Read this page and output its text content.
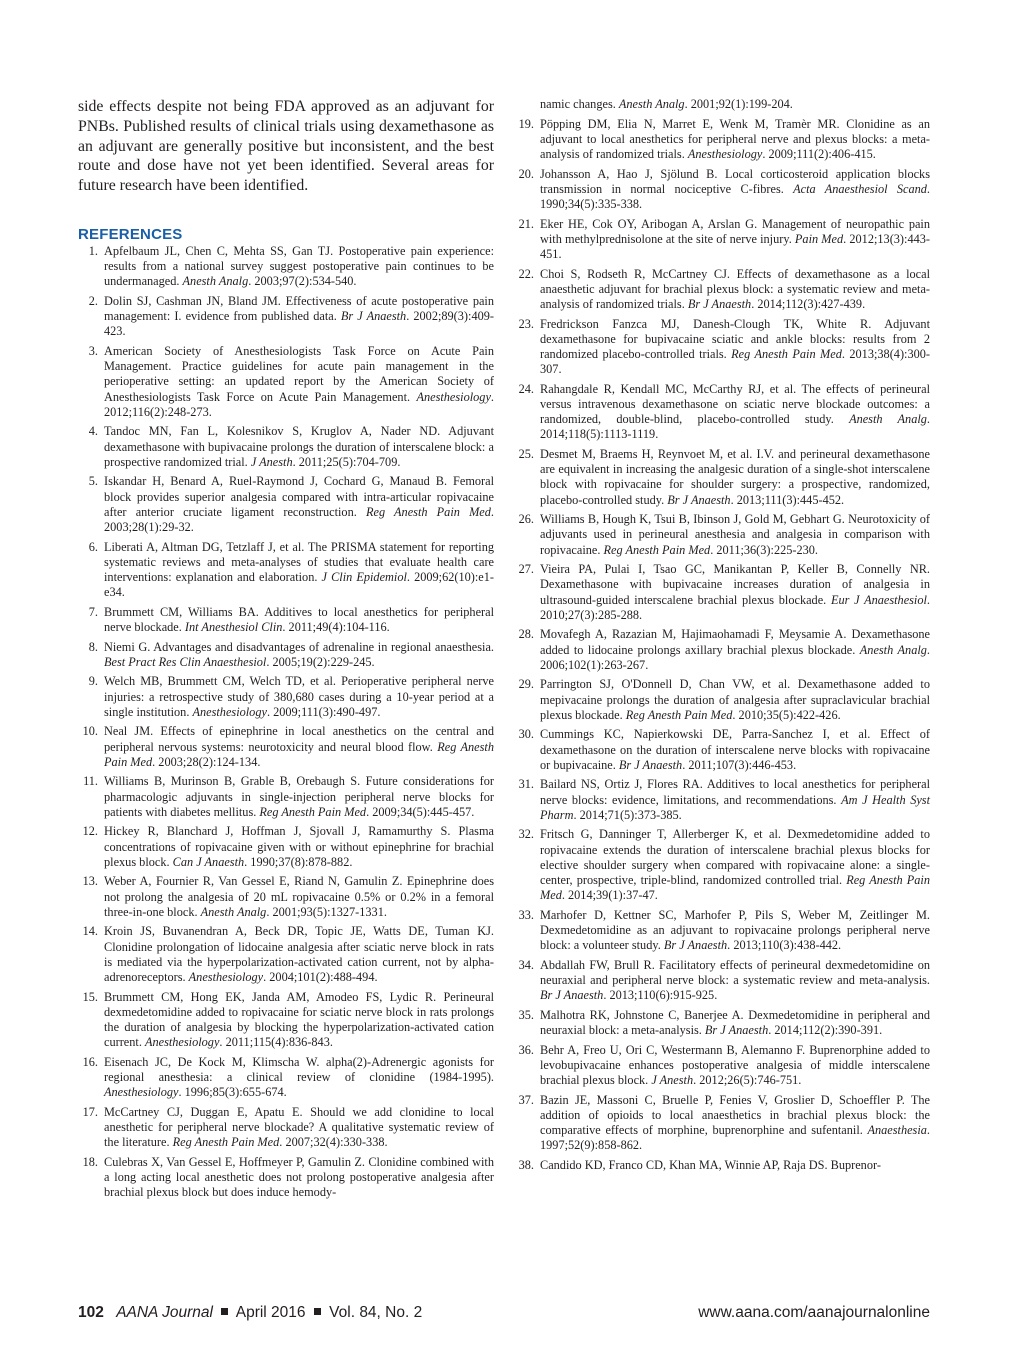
side effects despite not being FDA approved as an adjuvant for PNBs. Published results of clinical trials using dexamethasone as an adjuvant are generally positive but inconsistent, and the best route and dose have not yet been identified. Several areas for future research have been identified.

REFERENCES
1. Apfelbaum JL, Chen C, Mehta SS, Gan TJ. Postoperative pain experience: results from a national survey suggest postoperative pain continues to be undermanaged. Anesth Analg. 2003;97(2):534-540.
2. Dolin SJ, Cashman JN, Bland JM. Effectiveness of acute postoperative pain management: I. evidence from published data. Br J Anaesth. 2002;89(3):409-423.
3. American Society of Anesthesiologists Task Force on Acute Pain Management. Practice guidelines for acute pain management in the perioperative setting: an updated report by the American Society of Anesthesiologists Task Force on Acute Pain Management. Anesthesiology. 2012;116(2):248-273.
4. Tandoc MN, Fan L, Kolesnikov S, Kruglov A, Nader ND. Adjuvant dexamethasone with bupivacaine prolongs the duration of interscalene block: a prospective randomized trial. J Anesth. 2011;25(5):704-709.
5. Iskandar H, Benard A, Ruel-Raymond J, Cochard G, Manaud B. Femoral block provides superior analgesia compared with intra-articular ropivacaine after anterior cruciate ligament reconstruction. Reg Anesth Pain Med. 2003;28(1):29-32.
6. Liberati A, Altman DG, Tetzlaff J, et al. The PRISMA statement for reporting systematic reviews and meta-analyses of studies that evaluate health care interventions: explanation and elaboration. J Clin Epidemiol. 2009;62(10):e1-e34.
7. Brummett CM, Williams BA. Additives to local anesthetics for peripheral nerve blockade. Int Anesthesiol Clin. 2011;49(4):104-116.
8. Niemi G. Advantages and disadvantages of adrenaline in regional anaesthesia. Best Pract Res Clin Anaesthesiol. 2005;19(2):229-245.
9. Welch MB, Brummett CM, Welch TD, et al. Perioperative peripheral nerve injuries: a retrospective study of 380,680 cases during a 10-year period at a single institution. Anesthesiology. 2009;111(3):490-497.
10. Neal JM. Effects of epinephrine in local anesthetics on the central and peripheral nervous systems: neurotoxicity and neural blood flow. Reg Anesth Pain Med. 2003;28(2):124-134.
11. Williams B, Murinson B, Grable B, Orebaugh S. Future considerations for pharmacologic adjuvants in single-injection peripheral nerve blocks for patients with diabetes mellitus. Reg Anesth Pain Med. 2009;34(5):445-457.
12. Hickey R, Blanchard J, Hoffman J, Sjovall J, Ramamurthy S. Plasma concentrations of ropivacaine given with or without epinephrine for brachial plexus block. Can J Anaesth. 1990;37(8):878-882.
13. Weber A, Fournier R, Van Gessel E, Riand N, Gamulin Z. Epinephrine does not prolong the analgesia of 20 mL ropivacaine 0.5% or 0.2% in a femoral three-in-one block. Anesth Analg. 2001;93(5):1327-1331.
14. Kroin JS, Buvanendran A, Beck DR, Topic JE, Watts DE, Tuman KJ. Clonidine prolongation of lidocaine analgesia after sciatic nerve block in rats is mediated via the hyperpolarization-activated cation current, not by alpha-adrenoreceptors. Anesthesiology. 2004;101(2):488-494.
15. Brummett CM, Hong EK, Janda AM, Amodeo FS, Lydic R. Perineural dexmedetomidine added to ropivacaine for sciatic nerve block in rats prolongs the duration of analgesia by blocking the hyperpolarization-activated cation current. Anesthesiology. 2011;115(4):836-843.
16. Eisenach JC, De Kock M, Klimscha W. alpha(2)-Adrenergic agonists for regional anesthesia: a clinical review of clonidine (1984-1995). Anesthesiology. 1996;85(3):655-674.
17. McCartney CJ, Duggan E, Apatu E. Should we add clonidine to local anesthetic for peripheral nerve blockade? A qualitative systematic review of the literature. Reg Anesth Pain Med. 2007;32(4):330-338.
18. Culebras X, Van Gessel E, Hoffmeyer P, Gamulin Z. Clonidine combined with a long acting local anesthetic does not prolong postoperative analgesia after brachial plexus block but does induce hemody-

namic changes. Anesth Analg. 2001;92(1):199-204.

19. Pöpping DM, Elia N, Marret E, Wenk M, Tramèr MR. Clonidine as an adjuvant to local anesthetics for peripheral nerve and plexus blocks: a meta-analysis of randomized trials. Anesthesiology. 2009;111(2):406-415.
20. Johansson A, Hao J, Sjölund B. Local corticosteroid application blocks transmission in normal nociceptive C-fibres. Acta Anaesthesiol Scand. 1990;34(5):335-338.
21. Eker HE, Cok OY, Aribogan A, Arslan G. Management of neuropathic pain with methylprednisolone at the site of nerve injury. Pain Med. 2012;13(3):443-451.
22. Choi S, Rodseth R, McCartney CJ. Effects of dexamethasone as a local anaesthetic adjuvant for brachial plexus block: a systematic review and meta-analysis of randomized trials. Br J Anaesth. 2014;112(3):427-439.
23. Fredrickson Fanzca MJ, Danesh-Clough TK, White R. Adjuvant dexamethasone for bupivacaine sciatic and ankle blocks: results from 2 randomized placebo-controlled trials. Reg Anesth Pain Med. 2013;38(4):300-307.
24. Rahangdale R, Kendall MC, McCarthy RJ, et al. The effects of perineural versus intravenous dexamethasone on sciatic nerve blockade outcomes: a randomized, double-blind, placebo-controlled study. Anesth Analg. 2014;118(5):1113-1119.
25. Desmet M, Braems H, Reynvoet M, et al. I.V. and perineural dexamethasone are equivalent in increasing the analgesic duration of a single-shot interscalene block with ropivacaine for shoulder surgery: a prospective, randomized, placebo-controlled study. Br J Anaesth. 2013;111(3):445-452.
26. Williams B, Hough K, Tsui B, Ibinson J, Gold M, Gebhart G. Neurotoxicity of adjuvants used in perineural anesthesia and analgesia in comparison with ropivacaine. Reg Anesth Pain Med. 2011;36(3):225-230.
27. Vieira PA, Pulai I, Tsao GC, Manikantan P, Keller B, Connelly NR. Dexamethasone with bupivacaine increases duration of analgesia in ultrasound-guided interscalene brachial plexus blockade. Eur J Anaesthesiol. 2010;27(3):285-288.
28. Movafegh A, Razazian M, Hajimaohamadi F, Meysamie A. Dexamethasone added to lidocaine prolongs axillary brachial plexus blockade. Anesth Analg. 2006;102(1):263-267.
29. Parrington SJ, O'Donnell D, Chan VW, et al. Dexamethasone added to mepivacaine prolongs the duration of analgesia after supraclavicular brachial plexus blockade. Reg Anesth Pain Med. 2010;35(5):422-426.
30. Cummings KC, Napierkowski DE, Parra-Sanchez I, et al. Effect of dexamethasone on the duration of interscalene nerve blocks with ropivacaine or bupivacaine. Br J Anaesth. 2011;107(3):446-453.
31. Bailard NS, Ortiz J, Flores RA. Additives to local anesthetics for peripheral nerve blocks: evidence, limitations, and recommendations. Am J Health Syst Pharm. 2014;71(5):373-385.
32. Fritsch G, Danninger T, Allerberger K, et al. Dexmedetomidine added to ropivacaine extends the duration of interscalene brachial plexus blocks for elective shoulder surgery when compared with ropivacaine alone: a single-center, prospective, triple-blind, randomized controlled trial. Reg Anesth Pain Med. 2014;39(1):37-47.
33. Marhofer D, Kettner SC, Marhofer P, Pils S, Weber M, Zeitlinger M. Dexmedetomidine as an adjuvant to ropivacaine prolongs peripheral nerve block: a volunteer study. Br J Anaesth. 2013;110(3):438-442.
34. Abdallah FW, Brull R. Facilitatory effects of perineural dexmedetomidine on neuraxial and peripheral nerve block: a systematic review and meta-analysis. Br J Anaesth. 2013;110(6):915-925.
35. Malhotra RK, Johnstone C, Banerjee A. Dexmedetomidine in peripheral and neuraxial block: a meta-analysis. Br J Anaesth. 2014;112(2):390-391.
36. Behr A, Freo U, Ori C, Westermann B, Alemanno F. Buprenorphine added to levobupivacaine enhances postoperative analgesia of middle interscalene brachial plexus block. J Anesth. 2012;26(5):746-751.
37. Bazin JE, Massoni C, Bruelle P, Fenies V, Groslier D, Schoeffler P. The addition of opioids to local anaesthetics in brachial plexus block: the comparative effects of morphine, buprenorphine and sufentanil. Anaesthesia. 1997;52(9):858-862.
38. Candido KD, Franco CD, Khan MA, Winnie AP, Raja DS. Buprenor-
102 AANA Journal April 2016 Vol. 84, No. 2	www.aana.com/aanajournalonline
